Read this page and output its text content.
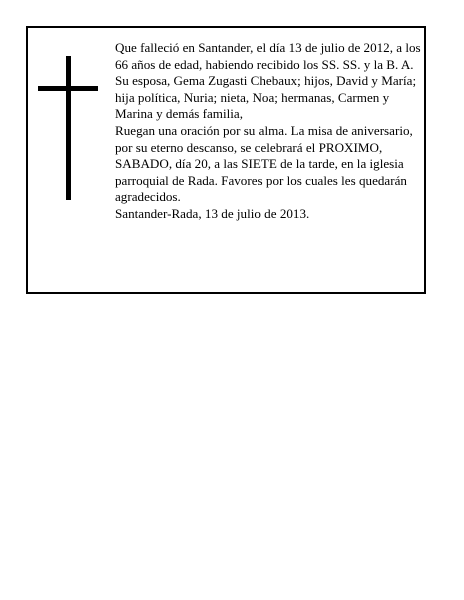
Que falleció en Santander, el día 13 de julio de 2012, a los 66 años de edad, habiendo recibido los SS. SS. y la B. A.

Su esposa, Gema Zugasti Chebaux; hijos, David y María; hija política, Nuria; nieta, Noa; hermanas, Carmen y Marina y demás familia,

Ruegan una oración por su alma. La misa de aniversario, por su eterno descanso, se celebrará el PROXIMO, SABADO, día 20, a las SIETE de la tarde, en la iglesia parroquial de Rada. Favores por los cuales les quedarán agradecidos.

Santander-Rada, 13 de julio de 2013.
